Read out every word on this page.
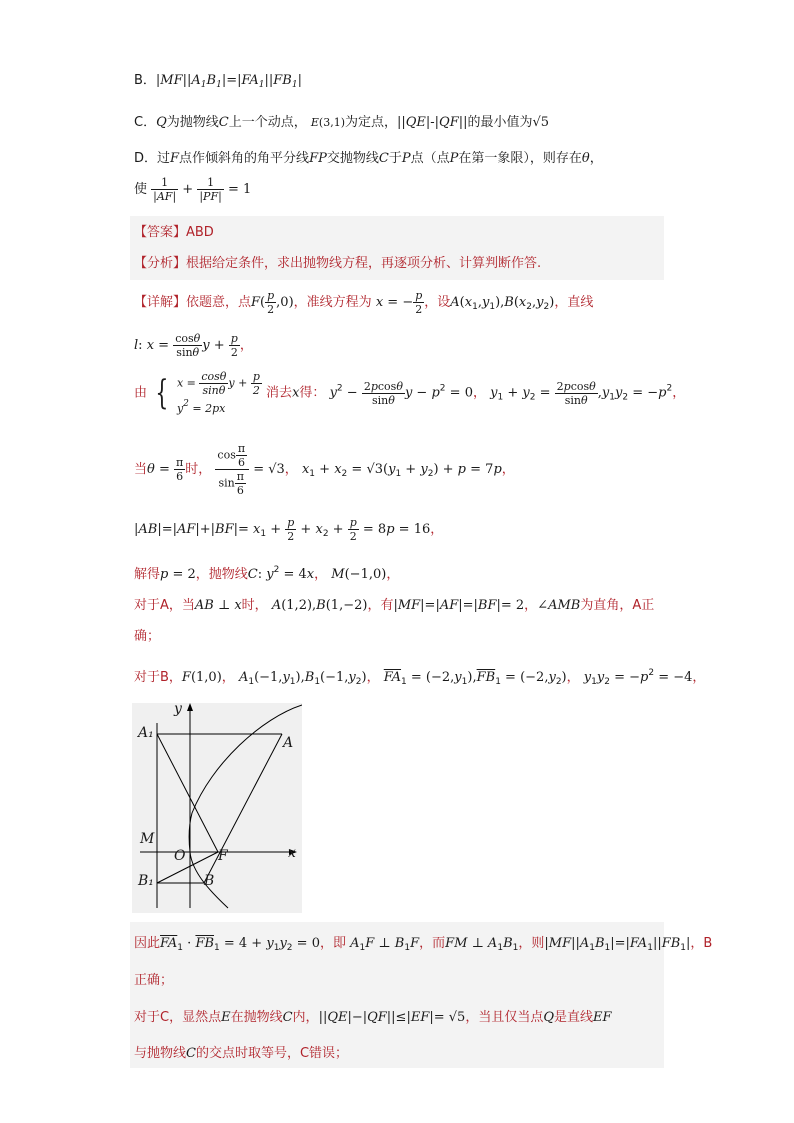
B．$|MF||A_1B_1|=|FA_1||FB_1|$
C．Q为抛物线C上一个动点， E(3,1)为定点，||QE|-|QF||的最小值为√5
D．过F点作倾斜角的角平分线FP交抛物线C于P点（点P在第一象限），则存在θ，
使 $\frac{1}{|AF|} + \frac{1}{|PF|} = 1$
【答案】ABD
【分析】根据给定条件，求出抛物线方程，再逐项分析、计算判断作答.
【详解】依题意，点$F( \frac{p}{2} ,0)$，准线方程为 x = − $\frac{p}{2}$ ，设$A(x_1,y_1),B(x_2,y_2)$，直线
l: $x = \frac{\cos\theta}{\sin\theta}$ $y + \frac{p}{2}$ ，
由 { $x = \frac{\cos\theta}{\sin\theta}$ $y + \frac{p}{2}$
$y^2 = 2px$
消去x得： $y^2 - \frac{2pcos\theta}{\sin\theta}$ $y - p^2 = 0$， $y_1 + y_2 = \frac{2pcos\theta}{\sin\theta} ,y_1y_2 = -p^2$，
当$\theta = \frac{\pi}{6}$ 时， $\frac{\cos \frac{\pi}{6}}{\sin \frac{\pi}{6}} = √3$， $x_1 + x_2 = √3(y_1 + y_2) + p = 7p$，
$|AB|=|AF|+|BF|= x_1 + \frac{p}{2} + x_2 + \frac{p}{2} = 8p = 16$，
解得p = 2，抛物线C: $y^2 = 4x$， M(−1,0)，
对于A，当AB ⊥ x时， A(1,2),B(1,−2)，有|MF|=|AF|=|BF|= 2，∠AMB为直角，A正
确；
对于B，F(1,0)， $A_1(-1,y_1),B_1(-1,y_2)$， $\overline{FA}_1 = (-2,y_1),\overline{FB}_1 = (-2,y_2)$， $y_1y_2 = -p^2 = -4$，
A₁
A
y
M
O F	x
B₁	B
因此$\overline{FA}_1 \cdot \overline{FB}_1 = 4 + y_1y_2 = 0$，即 $A_1F$ ⊥ $B_1F$，而FM ⊥ $A_1B_1$，则$|MF||A_1B_1|=|FA_1||FB_1|$，B
正确；
对于C，显然点E在抛物线C内，||QE|−|QF||≤|EF|= √5，当且仅当点Q是直线EF
与抛物线C的交点时取等号，C错误；
